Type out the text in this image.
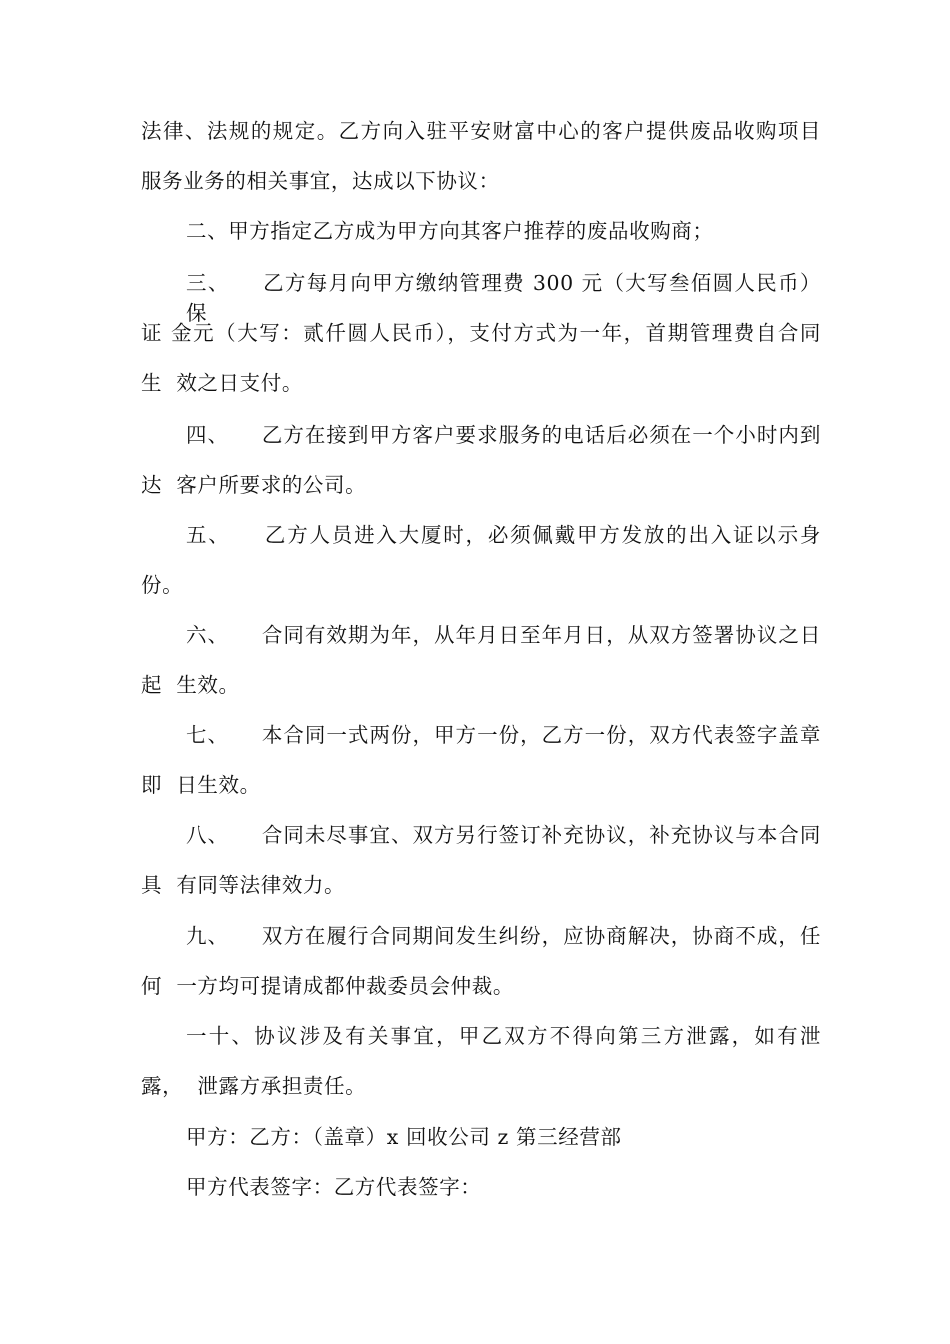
法律、法规的规定。乙方向入驻平安财富中心的客户提供废品收购项目
服务业务的相关事宜，达成以下协议：
二、甲方指定乙方成为甲方向其客户推荐的废品收购商；
三、　　乙方每月向甲方缴纳管理费 300 元（大写叁佰圆人民币）保
证 金元（大写：贰仟圆人民币），支付方式为一年，首期管理费自合同
生  效之日支付。
四、　　乙方在接到甲方客户要求服务的电话后必须在一个小时内到
达  客户所要求的公司。
五、　　乙方人员进入大厦时，必须佩戴甲方发放的出入证以示身
份。
六、　　合同有效期为年，从年月日至年月日，从双方签署协议之日
起  生效。
七、　　本合同一式两份，甲方一份，乙方一份，双方代表签字盖章
即  日生效。
八、　　合同未尽事宜、双方另行签订补充协议，补充协议与本合同
具  有同等法律效力。
九、　　双方在履行合同期间发生纠纷，应协商解决，协商不成，任
何  一方均可提请成都仲裁委员会仲裁。
一十、协议涉及有关事宜，甲乙双方不得向第三方泄露，如有泄
露，  泄露方承担责任。
甲方：乙方：（盖章）x 回收公司 z 第三经营部
甲方代表签字：乙方代表签字：
